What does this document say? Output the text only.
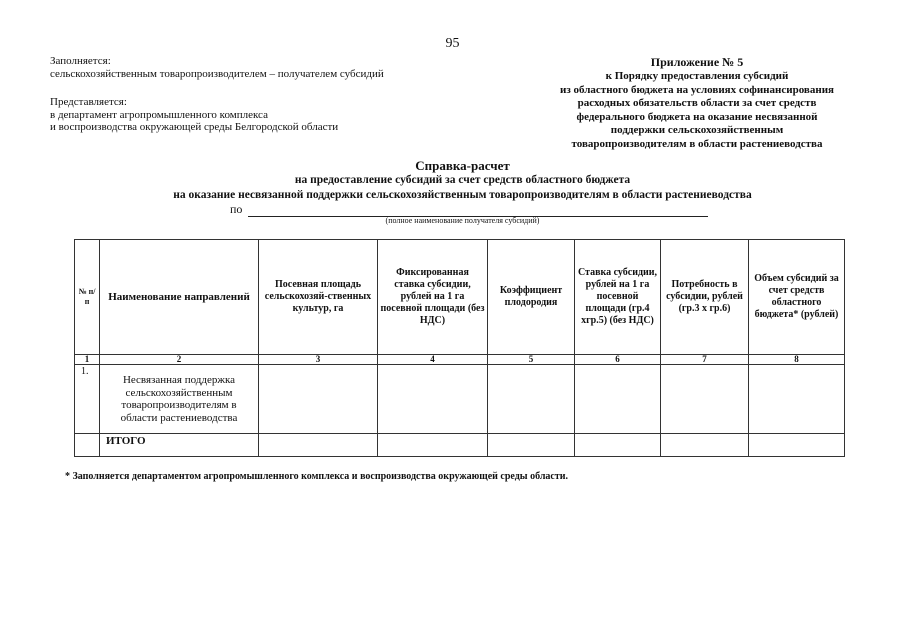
95
Заполняется:
сельскохозяйственным товаропроизводителем – получателем субсидий
Представляется:
в департамент агропромышленного комплекса
и воспроизводства окружающей среды Белгородской области
Приложение № 5
к Порядку предоставления субсидий
из областного бюджета на условиях софинансирования
расходных обязательств области за счет средств
федерального бюджета на оказание несвязанной
поддержки сельскохозяйственным
товаропроизводителям в области растениеводства
Справка-расчет
на предоставление субсидий за счет средств областного бюджета
на оказание несвязанной поддержки сельскохозяйственным товаропроизводителям в области растениеводства
по
(полное наименование получателя субсидий)
№ п/п	Наименование направлений	Посевная площадь сельскохозяй-ственных культур, га	Фиксированная ставка субсидии, рублей на 1 га посевной площади (без НДС)	Коэффициент плодородия	Ставка субсидии, рублей на 1 га посевной площади (гр.4 хгр.5) (без НДС)	Потребность в субсидии, рублей (гр.3 х гр.6)	Объем субсидий за счет средств областного бюджета* (рублей)
1	2	3	4	5	6	7	8
1.	Несвязанная поддержка сельскохозяйственным товаропроизводителям в области растениеводства						
	ИТОГО						
* Заполняется департаментом агропромышленного комплекса и воспроизводства окружающей среды области.
